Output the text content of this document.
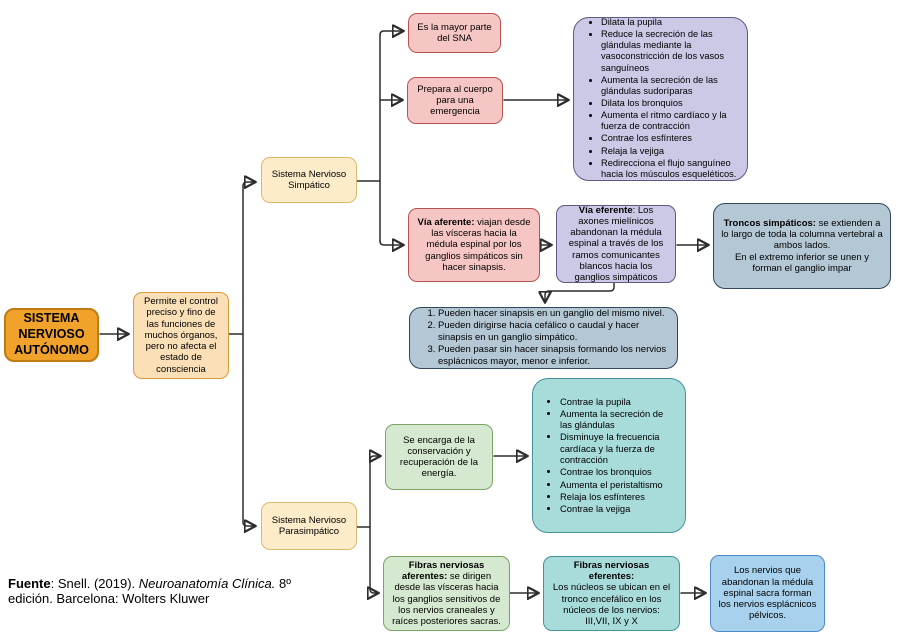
SISTEMA NERVIOSO AUTÓNOMO
Permite el control preciso y fino de las funciones de muchos órganos, pero no afecta el estado de consciencia
Sistema Nervioso Simpático
Es la mayor parte del SNA
Prepara al cuerpo para una emergencia
• Dilata la pupila
• Reduce la secreción de las glándulas mediante la vasoconstricción de los vasos sanguíneos
• Aumenta la secreción de las glándulas sudoríparas
• Dilata los bronquios
• Aumenta el ritmo cardíaco y la fuerza de contracción
• Contrae los esfínteres
• Relaja la vejiga
• Redirecciona el flujo sanguíneo hacia los músculos esqueléticos.
Vía aferente: viajan desde las vísceras hacia la médula espinal por los ganglios simpáticos sin hacer sinapsis.
Vía eferente: Los axones mielínicos abandonan la médula espinal a través de los ramos comunicantes blancos hacia los ganglios simpáticos
Troncos simpáticos: se extienden a lo largo de toda la columna vertebral a ambos lados.
En el extremo inferior se unen y forman el ganglio impar
1. Pueden hacer sinapsis en un ganglio del mismo nivel.
2. Pueden dirigirse hacia cefálico o caudal y hacer sinapsis en un ganglio simpático.
3. Pueden pasar sin hacer sinapsis formando los nervios esplácnicos mayor, menor e inferior.
Sistema Nervioso Parasimpático
Se encarga de la conservación y recuperación de la energía.
• Contrae la pupila
• Aumenta la secreción de las glándulas
• Disminuye la frecuencia cardíaca y la fuerza de contracción
• Contrae los bronquios
• Aumenta el peristaltismo
• Relaja los esfínteres
• Contrae la vejiga
Fibras nerviosas aferentes: se dirigen desde las vísceras hacia los ganglios sensitivos de los nervios craneales y raíces posteriores sacras.
Fibras nerviosas eferentes:
Los núcleos se ubican en el tronco encefálico en los núcleos de los nervios: III,VII, IX y X
Los nervios que abandonan la médula espinal sacra forman los nervios esplácnicos pélvicos.
Fuente: Snell. (2019). Neuroanatomía Clínica. 8º edición. Barcelona: Wolters Kluwer
